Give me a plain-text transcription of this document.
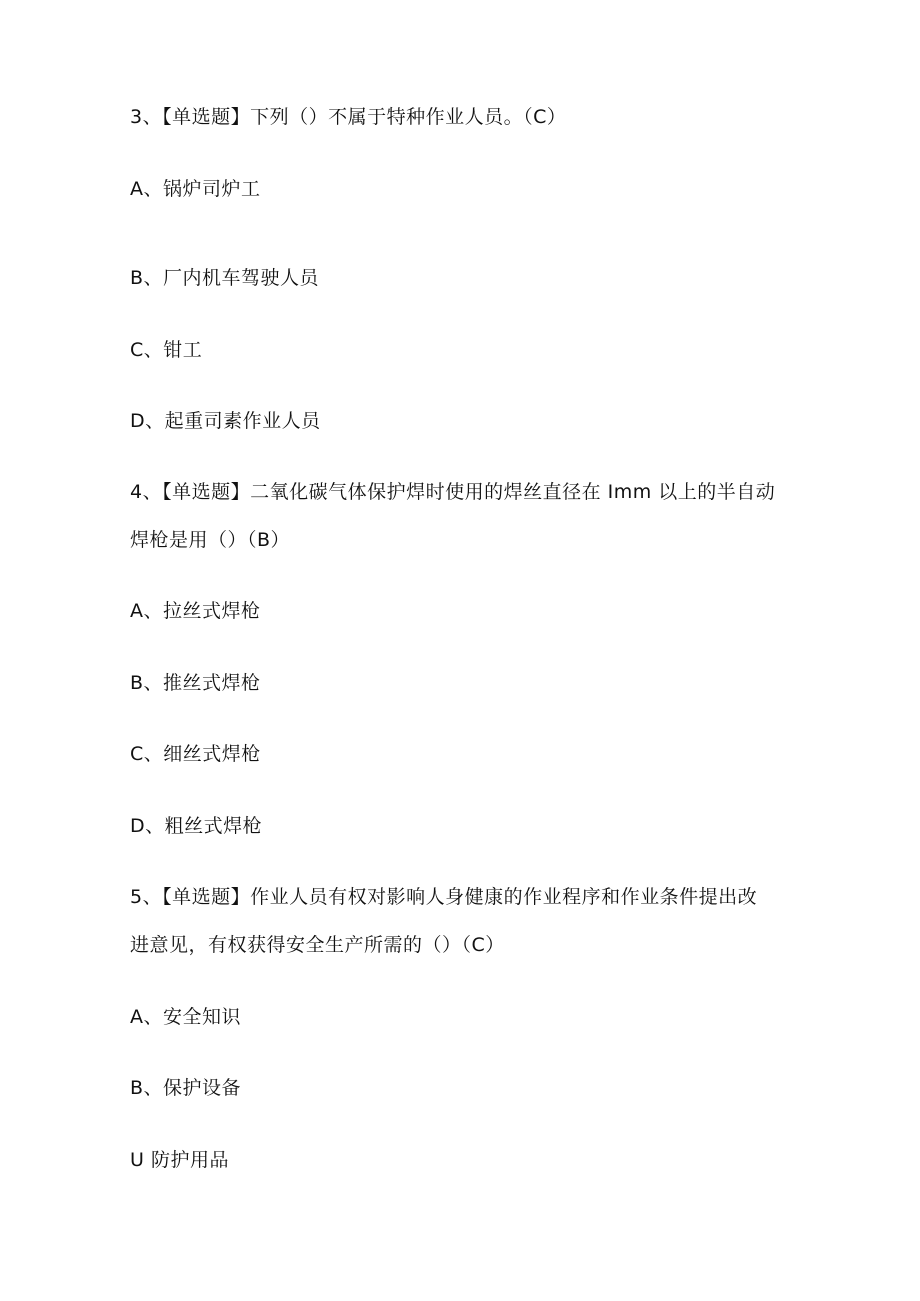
3、【单选题】下列（）不属于特种作业人员。（C）
A、锅炉司炉工
B、厂内机车驾驶人员
C、钳工
D、起重司素作业人员
4、【单选题】二氧化碳气体保护焊时使用的焊丝直径在 Imm 以上的半自动
焊枪是用（）（B）
A、拉丝式焊枪
B、推丝式焊枪
C、细丝式焊枪
D、粗丝式焊枪
5、【单选题】作业人员有权对影响人身健康的作业程序和作业条件提出改
进意见，有权获得安全生产所需的（）（C）
A、安全知识
B、保护设备
U 防护用品
